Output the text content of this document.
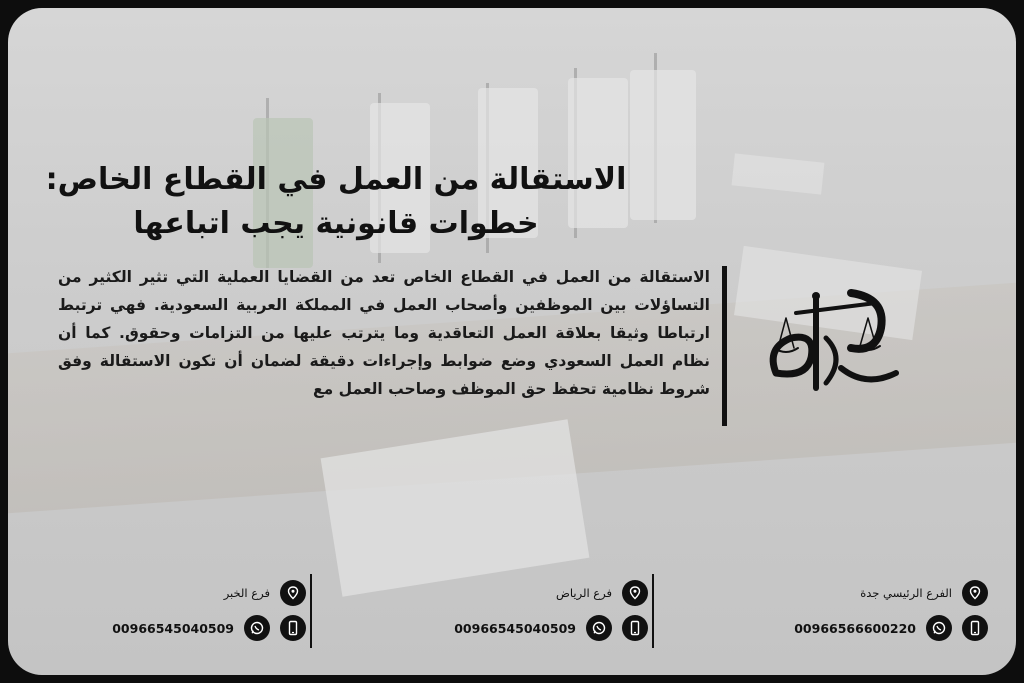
الاستقالة من العمل في القطاع الخاص:
خطوات قانونية يجب اتباعها
الاستقالة من العمل في القطاع الخاص تعد من القضايا العملية التي تثير الكثير من التساؤلات بين الموظفين وأصحاب العمل في المملكة العربية السعودية. فهي ترتبط ارتباطا وثيقا بعلاقة العمل التعاقدية وما يترتب عليها من التزامات وحقوق. كما أن نظام العمل السعودي وضع ضوابط وإجراءات دقيقة لضمان أن تكون الاستقالة وفق شروط نظامية تحفظ حق الموظف وصاحب العمل مع
الفرع الرئيسي جدة
00966566600220
فرع الرياض
00966545040509
فرع الخبر
00966545040509
